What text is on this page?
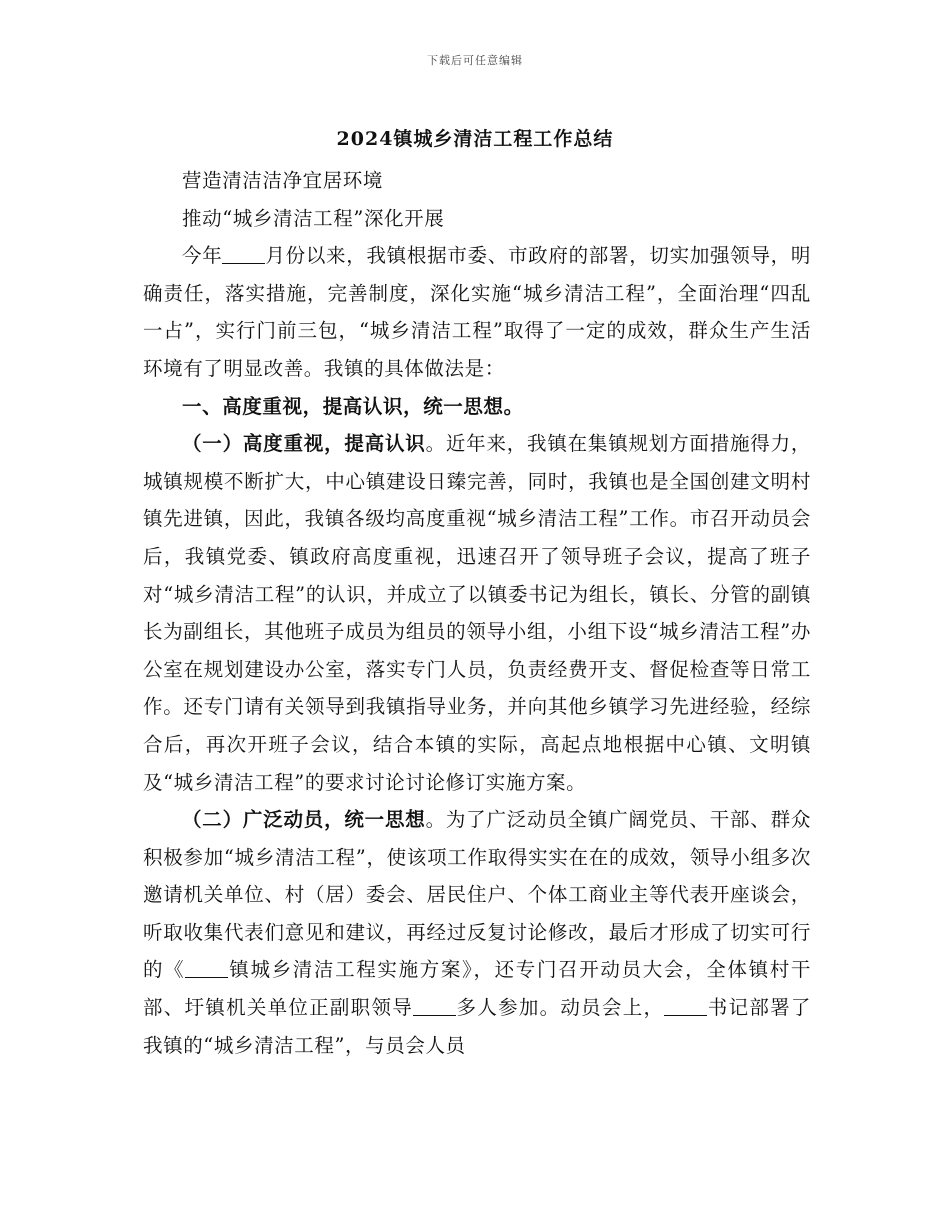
下载后可任意编辑
2024镇城乡清洁工程工作总结

营造清洁洁净宜居环境

推动“城乡清洁工程”深化开展

今年 月份以来，我镇根据市委、市政府的部署，切实加强领导，明确责任，落实措施，完善制度，深化实施“城乡清洁工程”，全面治理“四乱一占”，实行门前三包，“城乡清洁工程”取得了一定的成效，群众生产生活环境有了明显改善。我镇的具体做法是：

一、高度重视，提高认识，统一思想。

（一）高度重视，提高认识。近年来，我镇在集镇规划方面措施得力，城镇规模不断扩大，中心镇建设日臻完善，同时，我镇也是全国创建文明村镇先进镇，因此，我镇各级均高度重视“城乡清洁工程”工作。市召开动员会后，我镇党委、镇政府高度重视，迅速召开了领导班子会议，提高了班子对“城乡清洁工程”的认识，并成立了以镇委书记为组长，镇长、分管的副镇长为副组长，其他班子成员为组员的领导小组，小组下设“城乡清洁工程”办公室在规划建设办公室，落实专门人员，负责经费开支、督促检查等日常工作。还专门请有关领导到我镇指导业务，并向其他乡镇学习先进经验，经综合后，再次开班子会议，结合本镇的实际，高起点地根据中心镇、文明镇及“城乡清洁工程”的要求讨论讨论修订实施方案。

（二）广泛动员，统一思想。为了广泛动员全镇广阔党员、干部、群众积极参加“城乡清洁工程”，使该项工作取得实实在在的成效，领导小组多次邀请机关单位、村（居）委会、居民住户、个体工商业主等代表开座谈会，听取收集代表们意见和建议，再经过反复讨论修改，最后才形成了切实可行的《 镇城乡清洁工程实施方案》，还专门召开动员大会，全体镇村干部、圩镇机关单位正副职领导 多人参加。动员会上， 书记部署了我镇的“城乡清洁工程”，与员会人员
